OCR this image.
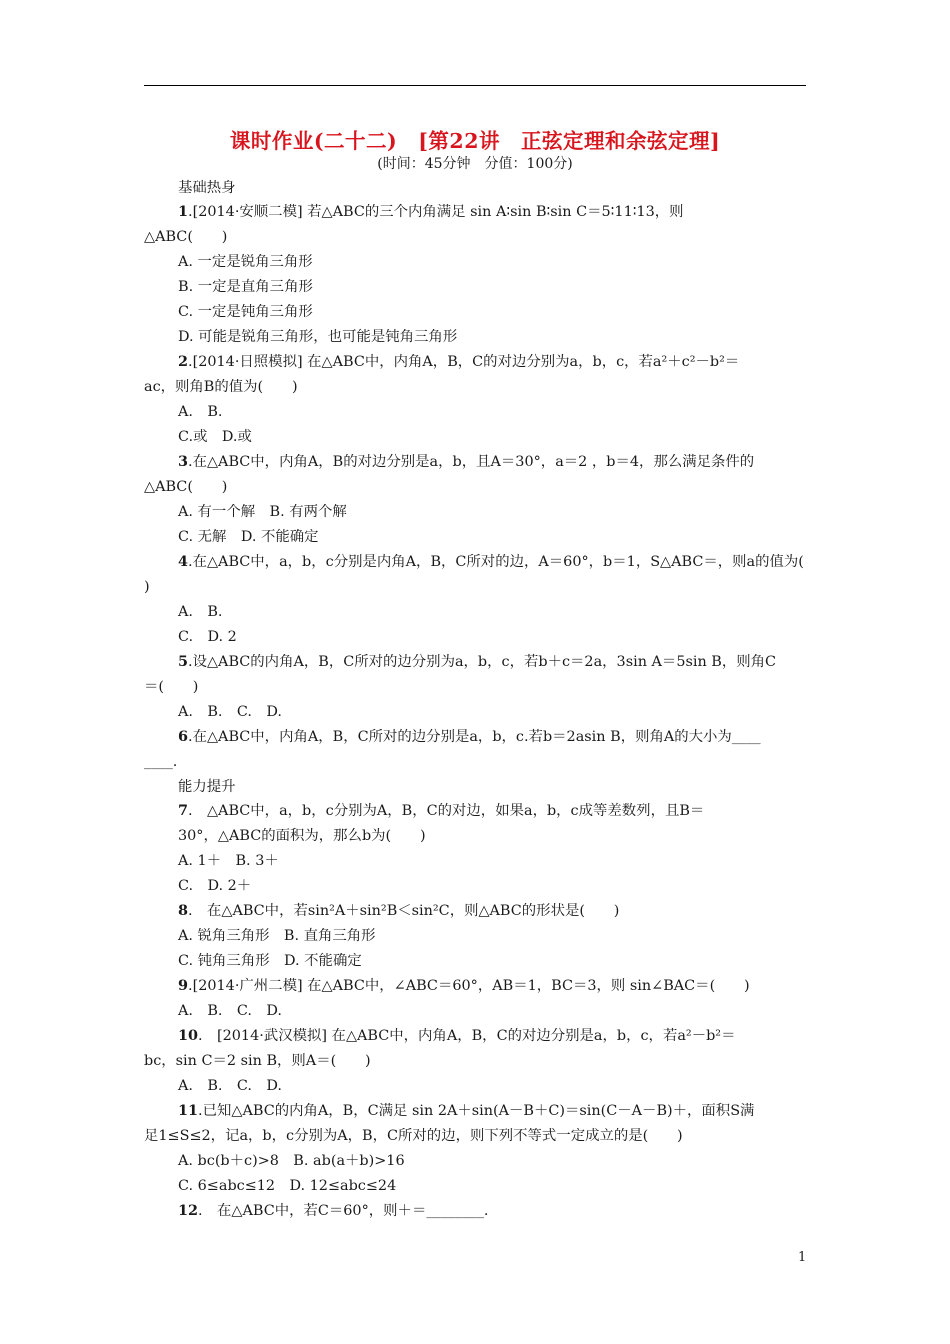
课时作业(二十二)　[第22讲　正弦定理和余弦定理]
(时间：45分钟　分值：100分)
基础热身
1.[2014·安顺二模] 若△ABC的三个内角满足 sin A∶sin B∶sin C＝5∶11∶13，则
△ABC(　　)
A. 一定是锐角三角形
B. 一定是直角三角形
C. 一定是钝角三角形
D. 可能是锐角三角形，也可能是钝角三角形
2.[2014·日照模拟] 在△ABC中，内角A，B，C的对边分别为a，b，c，若a²＋c²－b²＝
ac，则角B的值为(　　)
A.　B.
C.或　D.或
3.在△ABC中，内角A，B的对边分别是a，b，且A＝30°，a＝2 ，b＝4，那么满足条件的
△ABC(　　)
A. 有一个解　B. 有两个解
C. 无解　D. 不能确定
4.在△ABC中，a，b，c分别是内角A，B，C所对的边，A＝60°，b＝1，S△ABC＝，则a的值为(
)
A.　B.
C.　D. 2
5.设△ABC的内角A，B，C所对的边分别为a，b，c，若b＋c＝2a，3sin A＝5sin B，则角C
＝(　　)
A.　B.　C.　D.
6.在△ABC中，内角A，B，C所对的边分别是a，b，c.若b＝2asin B，则角A的大小为____
____.
能力提升
7.　△ABC中，a，b，c分别为A，B，C的对边，如果a，b，c成等差数列，且B＝
30°，△ABC的面积为，那么b为(　　)
A. 1＋　B. 3＋
C.　D. 2＋
8.　在△ABC中，若sin²A＋sin²B＜sin²C，则△ABC的形状是(　　)
A. 锐角三角形　B. 直角三角形
C. 钝角三角形　D. 不能确定
9.[2014·广州二模] 在△ABC中，∠ABC＝60°，AB＝1，BC＝3，则 sin∠BAC＝(　　)
A.　B.　C.　D.
10.　[2014·武汉模拟] 在△ABC中，内角A，B，C的对边分别是a，b，c，若a²－b²＝
bc，sin C＝2 sin B，则A＝(　　)
A.　B.　C.　D.
11.已知△ABC的内角A，B，C满足 sin 2A＋sin(A－B＋C)＝sin(C－A－B)＋，面积S满
足1≤S≤2，记a，b，c分别为A，B，C所对的边，则下列不等式一定成立的是(　　)
A. bc(b＋c)>8　B. ab(a＋b)>16
C. 6≤abc≤12　D. 12≤abc≤24
12.　在△ABC中，若C＝60°，则＋＝________.
1
